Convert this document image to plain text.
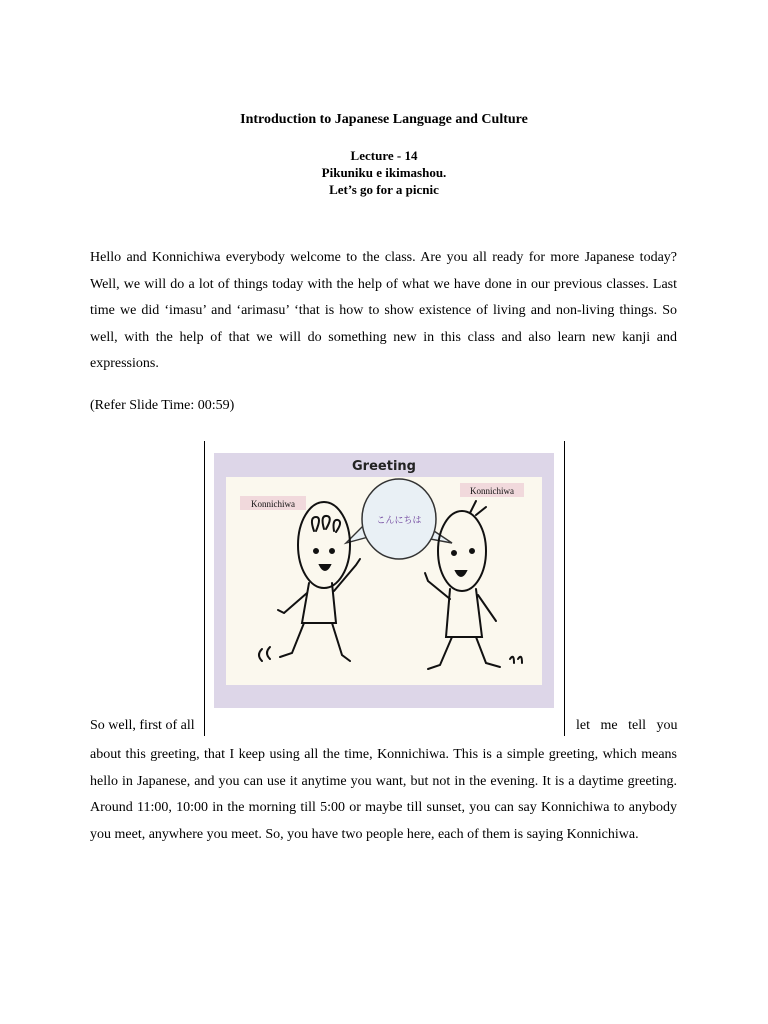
Introduction to Japanese Language and Culture
Lecture - 14
Pikuniku e ikimashou.
Let’s go for a picnic

Hello and Konnichiwa everybody welcome to the class. Are you all ready for more Japanese today? Well, we will do a lot of things today with the help of what we have done in our previous classes. Last time we did ‘imasu’ and ‘arimasu’ ‘that is how to show existence of living and non-living things. So well, with the help of that we will do something new in this class and also learn new kanji and expressions.

(Refer Slide Time: 00:59)
Greeting
Konnichiwa
Konnichiwa
こんにちは
So well, first of all	let   me   tell   you

about this greeting, that I keep using all the time, Konnichiwa. This is a simple greeting, which means hello in Japanese, and you can use it anytime you want, but not in the evening. It is a daytime greeting. Around 11:00, 10:00 in the morning till 5:00 or maybe till sunset, you can say Konnichiwa to anybody you meet, anywhere you meet. So, you have two people here, each of them is saying Konnichiwa.
